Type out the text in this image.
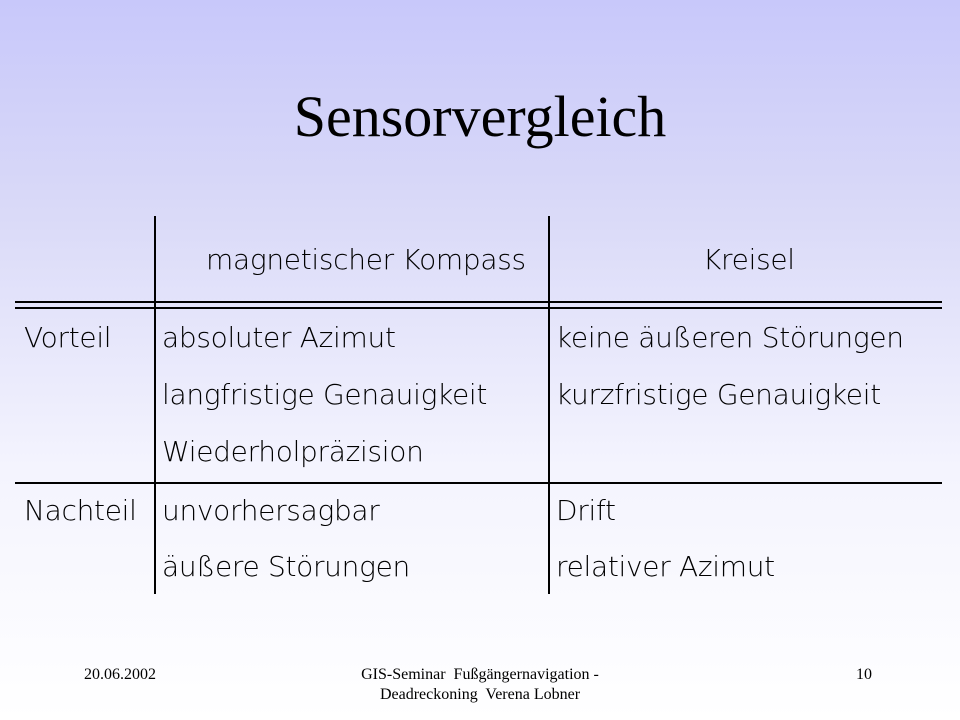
Sensorvergleich
magnetischer Kompass	Kreisel
Vorteil absoluter Azimut
langfristige Genauigkeit
Wiederholpräzision
keine äußeren Störungen
kurzfristige Genauigkeit
Nachteil unvorhersagbar
äußere Störungen
Drift
relativer Azimut
20.06.2002	GIS-Seminar  Fußgängernavigation -
Deadreckoning  Verena Lobner
10
